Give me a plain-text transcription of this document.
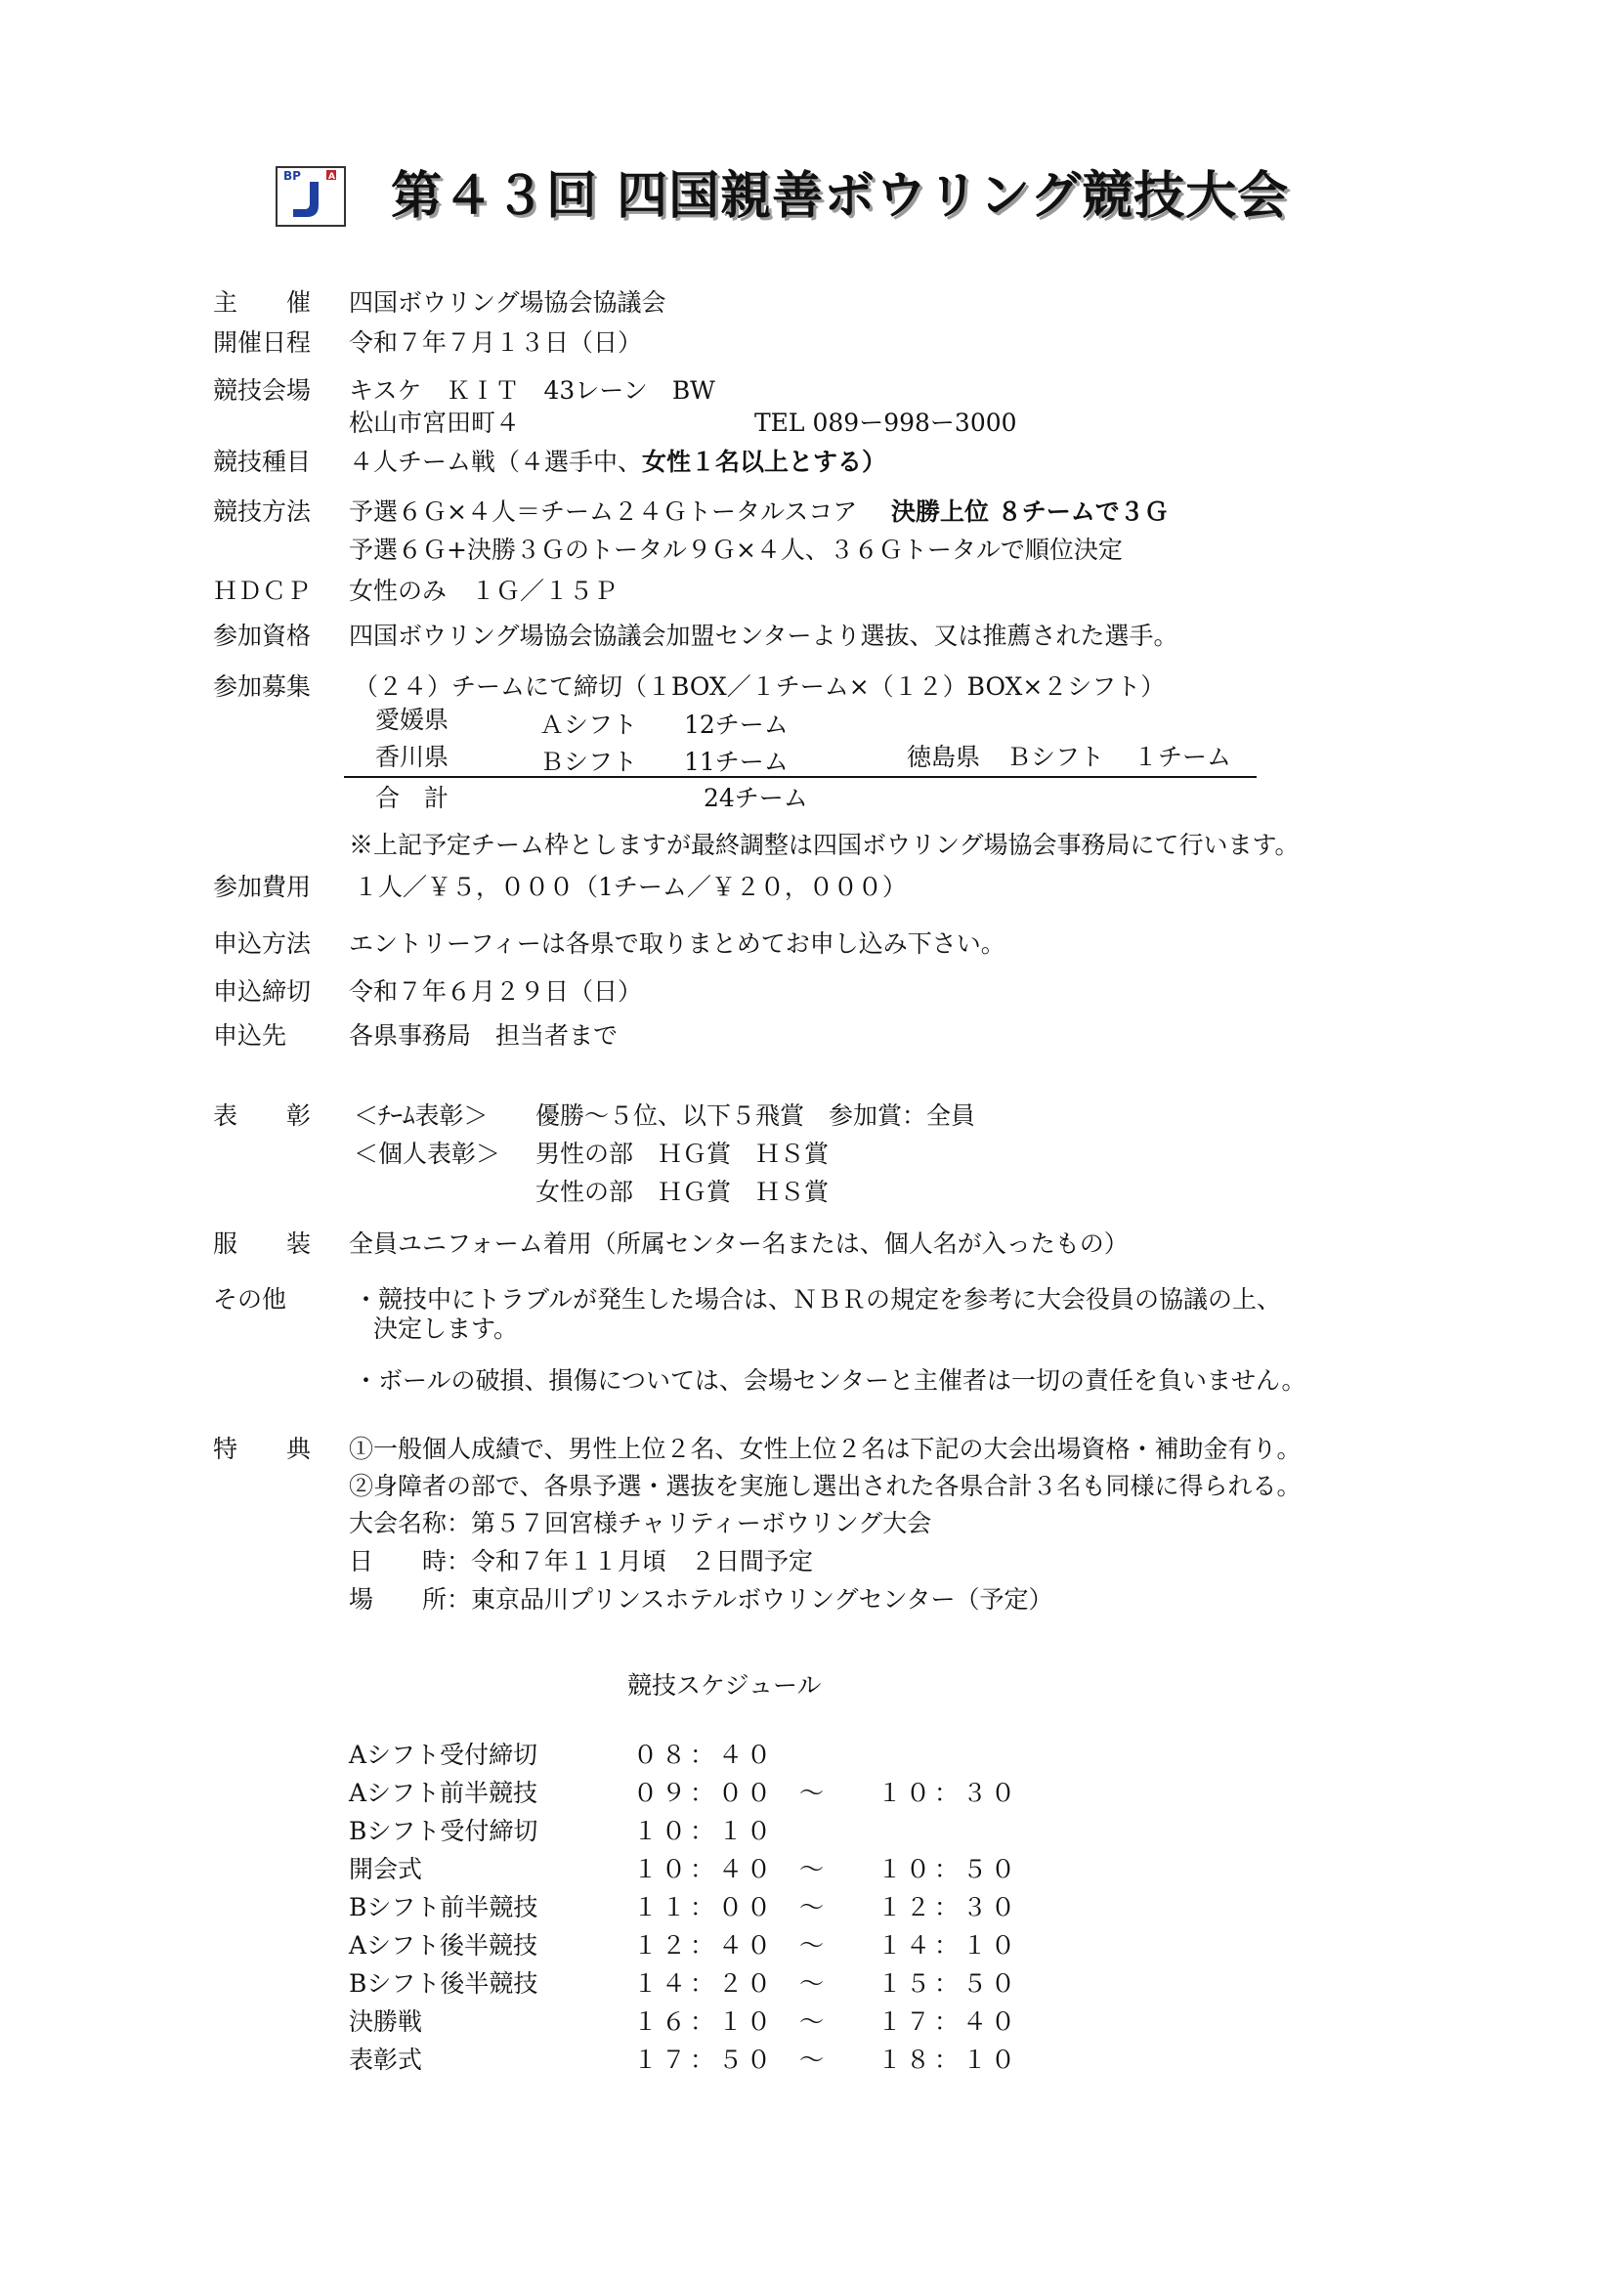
BP	A 第４３回 四国親善ボウリング競技大会
主　　催 四国ボウリング場協会協議会
開催日程 令和７年７月１３日（日）
競技会場 キスケ　ＫＩＴ　43レーン　BW
松山市宮田町４	TEL 089ー998ー3000
競技種目 ４人チーム戦（４選手中、女性１名以上とする）
競技方法 予選６Ｇ×４人＝チーム２４Ｇトータルスコア 決勝上位 ８チームで３Ｇ
予選６Ｇ+決勝３Ｇのトータル９Ｇ×４人、３６Ｇトータルで順位決定
ＨＤＣＰ 女性のみ　１Ｇ／１５Ｐ
参加資格 四国ボウリング場協会協議会加盟センターより選抜、又は推薦された選手。
参加募集 （２４）チームにて締切（１BOX／１チーム×（１２）BOX×２シフト）
愛媛県	Ａシフト 12チーム
香川県	Ｂシフト 11チーム	徳島県 Ｂシフト １チーム
合　計	24チーム
※上記予定チーム枠としますが最終調整は四国ボウリング場協会事務局にて行います。
参加費用 １人／￥５，０００（1チーム／￥２０，０００）
申込方法 エントリーフィーは各県で取りまとめてお申し込み下さい。
申込締切 令和７年６月２９日（日）
申込先	各県事務局　担当者まで
表　　彰 ＜ﾁｰﾑ表彰＞ 優勝～５位、以下５飛賞　参加賞：全員
＜個人表彰＞ 男性の部　ＨＧ賞　ＨＳ賞
女性の部　ＨＧ賞　ＨＳ賞
服　　装 全員ユニフォーム着用（所属センター名または、個人名が入ったもの）
その他	・競技中にトラブルが発生した場合は、ＮＢＲの規定を参考に大会役員の協議の上、
決定します。
・ボールの破損、損傷については、会場センターと主催者は一切の責任を負いません。
特　　典 ①一般個人成績で、男性上位２名、女性上位２名は下記の大会出場資格・補助金有り。
②身障者の部で、各県予選・選抜を実施し選出された各県合計３名も同様に得られる。
大会名称：第５７回宮様チャリティーボウリング大会
日　　時：令和７年１１月頃　２日間予定
場　　所：東京品川プリンスホテルボウリングセンター（予定）
競技スケジュール
Aシフト受付締切	０８：４０
Aシフト前半競技	０９：００ ～ １０：３０
Bシフト受付締切	１０：１０
開会式	１０：４０ ～ １０：５０
Bシフト前半競技	１１：００ ～ １２：３０
Aシフト後半競技	１２：４０ ～ １４：１０
Bシフト後半競技	１４：２０ ～ １５：５０
決勝戦	１６：１０ ～ １７：４０
表彰式	１７：５０ ～ １８：１０
